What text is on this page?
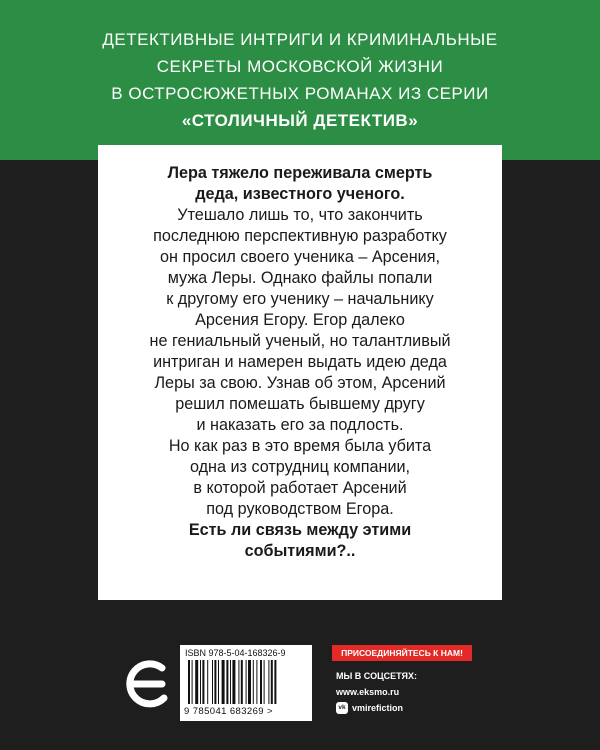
ДЕТЕКТИВНЫЕ ИНТРИГИ И КРИМИНАЛЬНЫЕ
СЕКРЕТЫ МОСКОВСКОЙ ЖИЗНИ
В ОСТРОСЮЖЕТНЫХ РОМАНАХ ИЗ СЕРИИ
«СТОЛИЧНЫЙ ДЕТЕКТИВ»
Лера тяжело переживала смерть
деда, известного ученого.
Утешало лишь то, что закончить
последнюю перспективную разработку
он просил своего ученика – Арсения,
мужа Леры. Однако файлы попали
к другому его ученику – начальнику
Арсения Егору. Егор далеко
не гениальный ученый, но талантливый
интриган и намерен выдать идею деда
Леры за свою. Узнав об этом, Арсений
решил помешать бывшему другу
и наказать его за подлость.
Но как раз в это время была убита
одна из сотрудниц компании,
в которой работает Арсений
под руководством Егора.
Есть ли связь между этими
событиями?..
ISBN 978-5-04-168326-9
9 785041 683269 >
ПРИСОЕДИНЯЙТЕСЬ К НАМ!
МЫ В СОЦСЕТЯХ:
www.eksmo.ru
vk vmirefiction
